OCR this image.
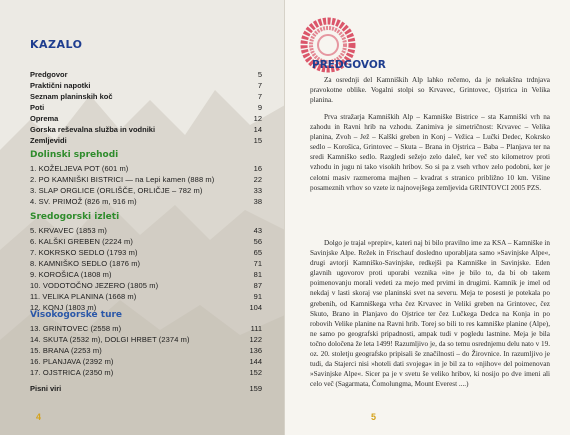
KAZALO
Predgovor	5
Praktični napotki	7
Seznam planinskih koč	7
Poti	9
Oprema	12
Gorska reševalna služba in vodniki	14
Zemljevidi	15
Dolinski sprehodi
1. KOŽELJEVA POT (601 m)	16
2. PO KAMNIŠKI BISTRICI — na Lepi kamen (888 m)	22
3. SLAP ORGLICE (ORLIŠČE, ORLIČJE – 782 m)	33
4. SV. PRIMOŽ (826 m, 916 m)	38
Sredogorski izleti
5. KRVAVEC (1853 m)	43
6. KALŠKI GREBEN (2224 m)	56
7. KOKRSKO SEDLO (1793 m)	65
8. KAMNIŠKO SEDLO (1876 m)	71
9. KOROŠICA (1808 m)	81
10. VODOTOČNO JEZERO (1805 m)	87
11. VELIKA PLANINA (1668 m)	91
12. KONJ (1803 m)	104
Visokogorske ture
13. GRINTOVEC (2558 m)	111
14. SKUTA (2532 m), DOLGI HRBET (2374 m)	122
15. BRANA (2253 m)	136
16. PLANJAVA (2392 m)	144
17. OJSTRICA (2350 m)	152
Pisni viri	159
4
PREDGOVOR
Za osrednji del Kamniških Alp lahko rečemo, da je nekakšna trdnjava pravokotne oblike. Vogalni stolpi so Krvavec, Grintovec, Ojstrica in Velika planina.
Prva stražarja Kamniških Alp – Kamniške Bistrice – sta Kamniški vrh na zahodu in Ravni hrib na vzhodu. Zanimiva je simetričnost: Krvavec – Velika planina, Zvoh – Jež – Kalški greben in Konj – Vežica – Lučki Dedec, Kokrsko sedlo – Korošica, Grintovec – Skuta – Brana in Ojstrica – Baba – Planjava ter na sredi Kamniško sedlo. Razgledi sežejo zelo daleč, ker več sto kilometrov proti vzhodu in jugu ni tako visokih hribov. So si pa z vseh vrhov zelo podobni, ker je celotni masiv razmeroma majhen – kvadrat s stranico približno 10 km. Višine posameznih vrhov so vzete iz najnovejšega zemljevida GRINTOVCI 2005 PZS.
Dolgo je trajal »prepir«, kateri naj bi bilo pravilno ime za KSA – Kamniške in Savinjske Alpe. Režek in Frischauf dosledno uporabljata samo »Savinjske Alpe«, drugi avtorji Kamniško-Savinjske, redkejši pa Kamniške in Savinjske. Eden glavnih ugovorov proti uporabi veznika »in« je bilo to, da bi ob takem poimenovanju morali vedeti za mejo med prvimi in drugimi. Kamnik je imel od nekdaj v lasti skoraj vse planinski svet na severu. Meja te posesti je potekala po grebenih, od Kamniškega vrha čez Krvavec in Veliki greben na Grintovec, čez Skuto, Brano in Planjavo do Ojstrice ter čez Lučkega Dedca na Konja in po robovih Velike planine na Ravni hrib. Torej so bili to res kamniške planine (Alpe), ne samo po geografski pripadnosti, ampak tudi v pogledu lastnine. Meja je bila točno določena že leta 1499! Razumljivo je, da so temu osrednjemu delu nato v 19. oz. 20. stoletju geografsko pripisali še značilnosti – do Žirovnice. In razumljivo je tudi, da Stajerci nisi »hoteli dati svojega« in je bil za to »njihov« del poimenovan »Savinjske Alpe«. Sicer pa je v svetu še veliko hribov, ki nosijo po dve imeni ali celo več (Sagarmata, Čomolungma, Mount Everest ....)
5
